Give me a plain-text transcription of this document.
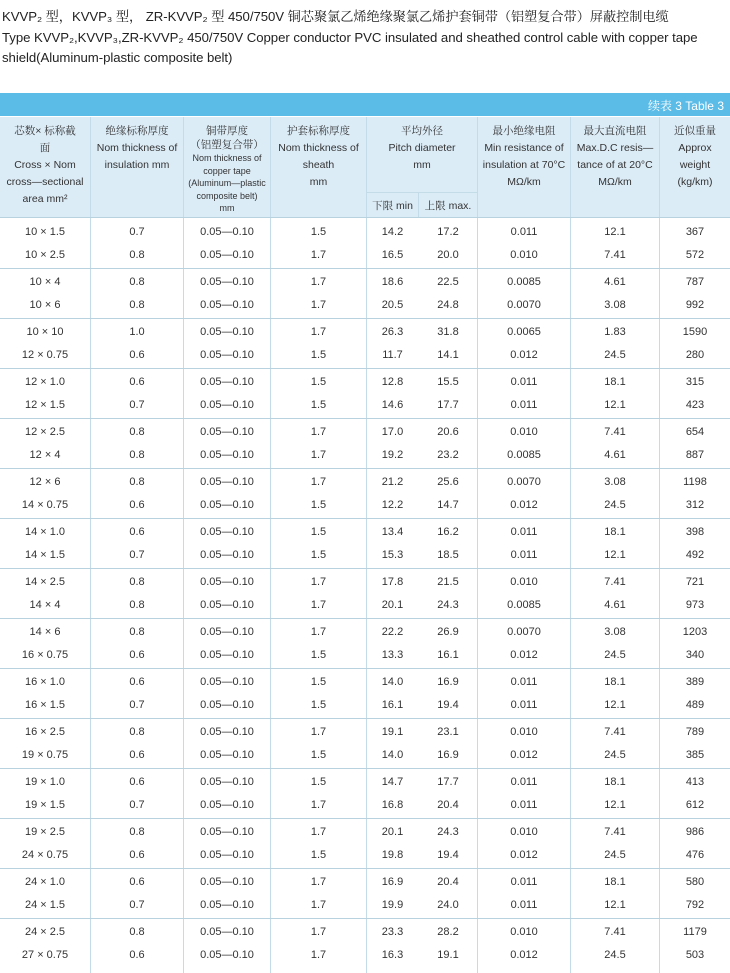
KVVP₂ 型，KVVP₃ 型， ZR-KVVP₂ 型 450/750V 铜芯聚氯乙烯绝缘聚氯乙烯护套铜带（铝塑复合带）屏蔽控制电缆
Type KVVP₂,KVVP₃,ZR-KVVP₂ 450/750V Copper conductor PVC insulated and sheathed control cable with copper tape
shield(Aluminum-plastic composite belt)
续表 3 Table 3
芯数× 标称截
面
Cross × Nom
cross—sectional
area mm²
绝缘标称厚度
Nom thickness of
insulation mm
铜带厚度
（铝塑复合带）
Nom thickness of
copper tape
(Aluminum—plastic
composite belt)
mm
护套标称厚度
Nom thickness of
sheath
mm
平均外径
Pitch diameter
mm
下限 min	上限 max.
最小绝缘电阻
Min resistance of
insulation at 70°C
MΩ/km
最大直流电阻
Max.D.C resis—
tance of at 20°C
MΩ/km
近似重量
Approx
weight
(kg/km)
10 × 1.5	0.7	0.05—0.10	1.5	14.2	17.2	0.011	12.1	367
10 × 2.5	0.8	0.05—0.10	1.7	16.5	20.0	0.010	7.41	572
10 × 4	0.8	0.05—0.10	1.7	18.6	22.5	0.0085	4.61	787
10 × 6	0.8	0.05—0.10	1.7	20.5	24.8	0.0070	3.08	992
10 × 10	1.0	0.05—0.10	1.7	26.3	31.8	0.0065	1.83	1590
12 × 0.75	0.6	0.05—0.10	1.5	11.7	14.1	0.012	24.5	280
12 × 1.0	0.6	0.05—0.10	1.5	12.8	15.5	0.011	18.1	315
12 × 1.5	0.7	0.05—0.10	1.5	14.6	17.7	0.011	12.1	423
12 × 2.5	0.8	0.05—0.10	1.7	17.0	20.6	0.010	7.41	654
12 × 4	0.8	0.05—0.10	1.7	19.2	23.2	0.0085	4.61	887
12 × 6	0.8	0.05—0.10	1.7	21.2	25.6	0.0070	3.08	1198
14 × 0.75	0.6	0.05—0.10	1.5	12.2	14.7	0.012	24.5	312
14 × 1.0	0.6	0.05—0.10	1.5	13.4	16.2	0.011	18.1	398
14 × 1.5	0.7	0.05—0.10	1.5	15.3	18.5	0.011	12.1	492
14 × 2.5	0.8	0.05—0.10	1.7	17.8	21.5	0.010	7.41	721
14 × 4	0.8	0.05—0.10	1.7	20.1	24.3	0.0085	4.61	973
14 × 6	0.8	0.05—0.10	1.7	22.2	26.9	0.0070	3.08	1203
16 × 0.75	0.6	0.05—0.10	1.5	13.3	16.1	0.012	24.5	340
16 × 1.0	0.6	0.05—0.10	1.5	14.0	16.9	0.011	18.1	389
16 × 1.5	0.7	0.05—0.10	1.5	16.1	19.4	0.011	12.1	489
16 × 2.5	0.8	0.05—0.10	1.7	19.1	23.1	0.010	7.41	789
19 × 0.75	0.6	0.05—0.10	1.5	14.0	16.9	0.012	24.5	385
19 × 1.0	0.6	0.05—0.10	1.5	14.7	17.7	0.011	18.1	413
19 × 1.5	0.7	0.05—0.10	1.7	16.8	20.4	0.011	12.1	612
19 × 2.5	0.8	0.05—0.10	1.7	20.1	24.3	0.010	7.41	986
24 × 0.75	0.6	0.05—0.10	1.5	19.8	19.4	0.012	24.5	476
24 × 1.0	0.6	0.05—0.10	1.7	16.9	20.4	0.011	18.1	580
24 × 1.5	0.7	0.05—0.10	1.7	19.9	24.0	0.011	12.1	792
24 × 2.5	0.8	0.05—0.10	1.7	23.3	28.2	0.010	7.41	1179
27 × 0.75	0.6	0.05—0.10	1.7	16.3	19.1	0.012	24.5	503
